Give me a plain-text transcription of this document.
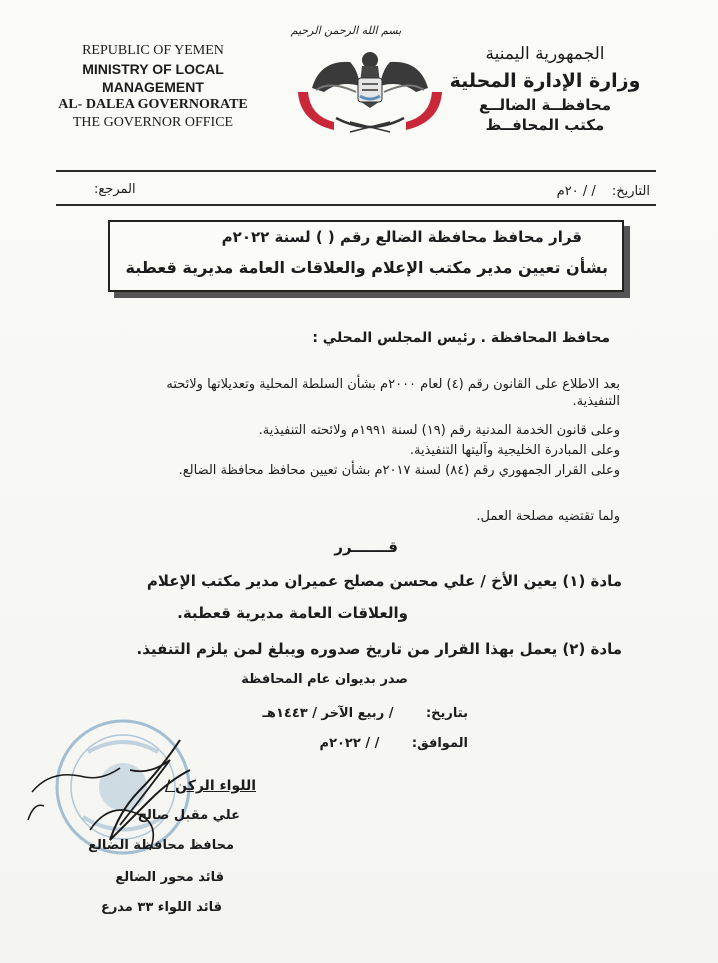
REPUBLIC OF YEMEN
MINISTRY OF LOCAL
MANAGEMENT
AL- DALEA GOVERNORATE
THE GOVERNOR OFFICE
بسم الله الرحمن الرحيم
الجمهورية اليمنية
وزارة الإدارة المحلية
محافظــة الضالــع
مكتب المحافــظ
التاريخ: / / ٢٠م
المرجع:
قرار محافظ محافظة الضالع رقم ( ) لسنة ٢٠٢٢م
بشأن تعيين مدير مكتب الإعلام والعلاقات العامة مديرية قعطبة
محافظ المحافظة . رئيس المجلس المحلي :
بعد الاطلاع على القانون رقم (٤) لعام ٢٠٠٠م بشأن السلطة المحلية وتعديلاتها ولائحته التنفيذية.
وعلى قانون الخدمة المدنية رقم (١٩) لسنة ١٩٩١م ولائحته التنفيذية.
وعلى المبادرة الخليجية وآليتها التنفيذية.
وعلى القرار الجمهوري رقم (٨٤) لسنة ٢٠١٧م بشأن تعيين محافظ محافظة الضالع.
ولما تقتضيه مصلحة العمل.
قـــــــرر
مادة (١) يعين الأخ / علي محسن مصلح عميران مدير مكتب الإعلام
والعلاقات العامة مديرية قعطبة.
مادة (٢) يعمل بهذا القرار من تاريخ صدوره ويبلغ لمن يلزم التنفيذ.
صدر بديوان عام المحافظة
بتاريخ: / ربيع الآخر / ١٤٤٣هـ
الموافق: / / ٢٠٢٢م
اللواء الركن /
علي مقبل صالح
محافظ محافظة الضالع
قائد محور الضالع
قائد اللواء ٣٣ مدرع
